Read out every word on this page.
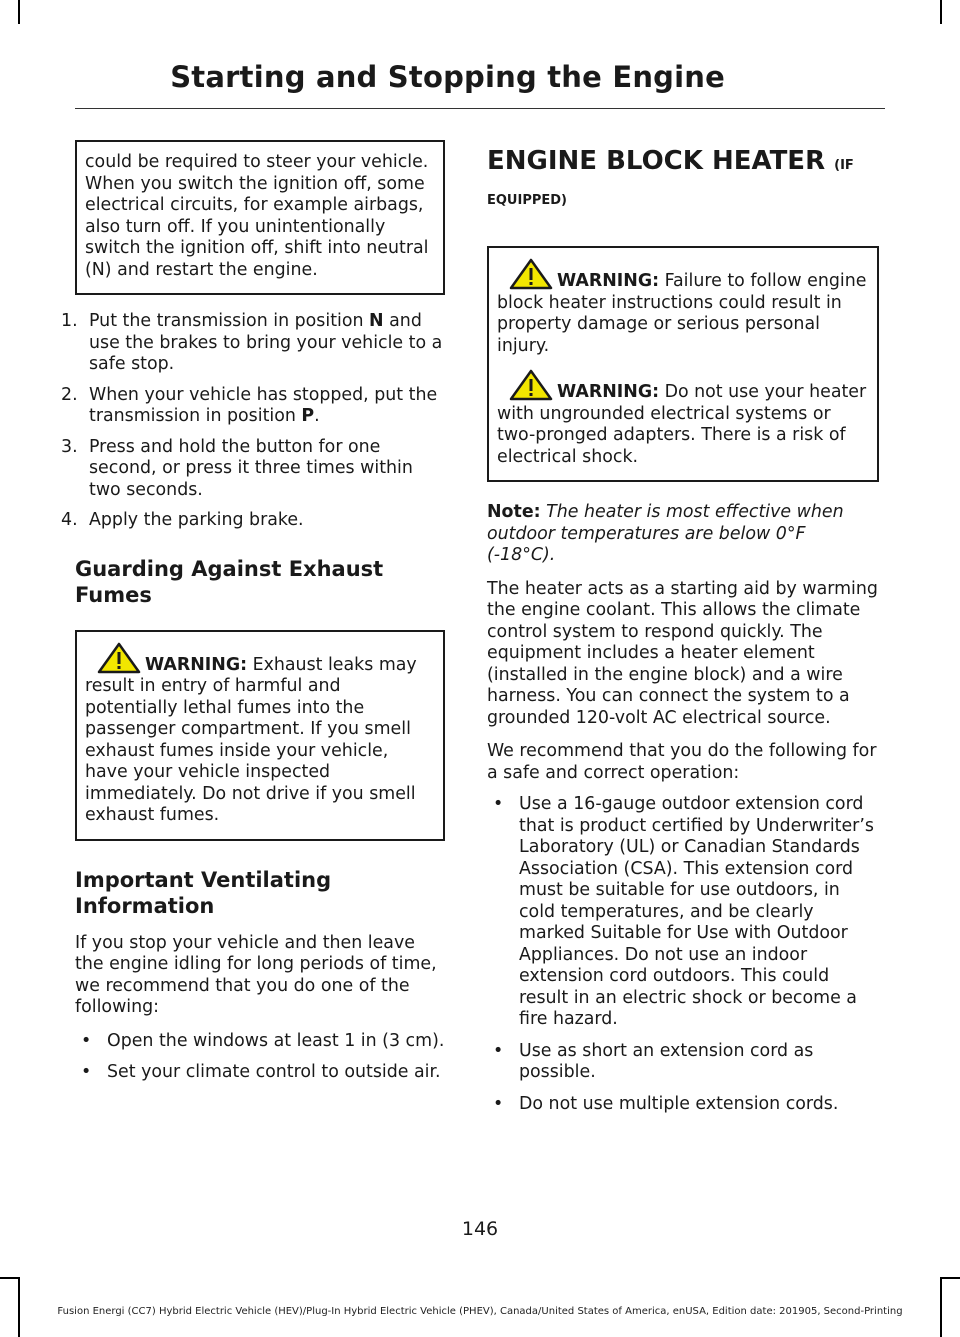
Starting and Stopping the Engine

could be required to steer your vehicle. When you switch the ignition off, some electrical circuits, for example airbags, also turn off. If you unintentionally switch the ignition off, shift into neutral (N) and restart the engine.

1. Put the transmission in position N and use the brakes to bring your vehicle to a safe stop.
2. When your vehicle has stopped, put the transmission in position P.
3. Press and hold the button for one second, or press it three times within two seconds.
4. Apply the parking brake.
Guarding Against Exhaust Fumes

WARNING: Exhaust leaks may result in entry of harmful and potentially lethal fumes into the passenger compartment. If you smell exhaust fumes inside your vehicle, have your vehicle inspected immediately. Do not drive if you smell exhaust fumes.

Important Ventilating Information

If you stop your vehicle and then leave the engine idling for long periods of time, we recommend that you do one of the following:

• Open the windows at least 1 in (3 cm).
• Set your climate control to outside air.
ENGINE BLOCK HEATER (IF
EQUIPPED)

WARNING: Failure to follow engine block heater instructions could result in property damage or serious personal injury.

WARNING: Do not use your heater with ungrounded electrical systems or two-pronged adapters. There is a risk of electrical shock.

Note: The heater is most effective when outdoor temperatures are below 0°F (-18°C).

The heater acts as a starting aid by warming the engine coolant. This allows the climate control system to respond quickly. The equipment includes a heater element (installed in the engine block) and a wire harness. You can connect the system to a grounded 120-volt AC electrical source.

We recommend that you do the following for a safe and correct operation:

• Use a 16-gauge outdoor extension cord that is product certified by Underwriter’s Laboratory (UL) or Canadian Standards Association (CSA). This extension cord must be suitable for use outdoors, in cold temperatures, and be clearly marked Suitable for Use with Outdoor Appliances. Do not use an indoor extension cord outdoors. This could result in an electric shock or become a fire hazard.
• Use as short an extension cord as possible.
• Do not use multiple extension cords.
146
Fusion Energi (CC7) Hybrid Electric Vehicle (HEV)/Plug-In Hybrid Electric Vehicle (PHEV), Canada/United States of America, enUSA, Edition date: 201905, Second-Printing
